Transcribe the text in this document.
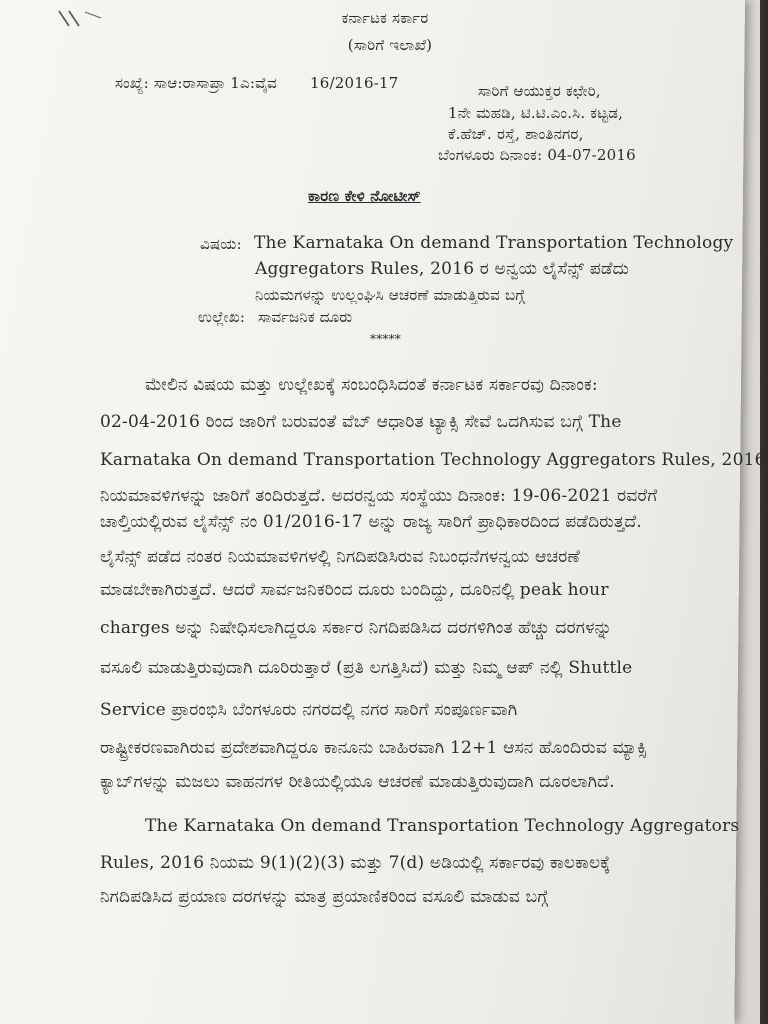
ಕರ್ನಾಟಕ ಸರ್ಕಾರ
(ಸಾರಿಗೆ ಇಲಾಖೆ)
ಸಂಖ್ಯೆ: ಸಾಆ:ರಾಸಾಪ್ರಾ 1ಎ:ವೈವ 16/2016-17	ಸಾರಿಗೆ ಆಯುಕ್ತರ ಕಛೇರಿ,
1ನೇ ಮಹಡಿ, ಟಿ.ಟಿ.ಎಂ.ಸಿ. ಕಟ್ಟಡ,
ಕೆ.ಹೆಚ್. ರಸ್ತೆ, ಶಾಂತಿನಗರ,
ಬೆಂಗಳೂರು ದಿನಾಂಕ: 04-07-2016
ಕಾರಣ ಕೇಳಿ ನೋಟೀಸ್
ವಿಷಯ: The Karnataka On demand Transportation Technology
Aggregators Rules, 2016 ರ ಅನ್ವಯ ಲೈಸೆನ್ಸ್ ಪಡೆದು
ನಿಯಮಗಳನ್ನು ಉಲ್ಲಂಘಿಸಿ ಆಚರಣೆ ಮಾಡುತ್ತಿರುವ ಬಗ್ಗೆ
ಉಲ್ಲೇಖ: ಸಾರ್ವಜನಿಕ ದೂರು
*****
ಮೇಲಿನ ವಿಷಯ ಮತ್ತು ಉಲ್ಲೇಖಕ್ಕೆ ಸಂಬಂಧಿಸಿದಂತೆ ಕರ್ನಾಟಕ ಸರ್ಕಾರವು ದಿನಾಂಕ:
02-04-2016 ರಿಂದ ಜಾರಿಗೆ ಬರುವಂತೆ ವೆಬ್ ಆಧಾರಿತ ಟ್ಯಾಕ್ಸಿ ಸೇವೆ ಒದಗಿಸುವ ಬಗ್ಗೆ The
Karnataka On demand Transportation Technology Aggregators Rules, 2016
ನಿಯಮಾವಳಿಗಳನ್ನು ಜಾರಿಗೆ ತಂದಿರುತ್ತದೆ. ಅದರನ್ವಯ ಸಂಸ್ಥೆಯು ದಿನಾಂಕ: 19-06-2021 ರವರೆಗೆ
ಚಾಲ್ತಿಯಲ್ಲಿರುವ ಲೈಸೆನ್ಸ್ ನಂ 01/2016-17 ಅನ್ನು ರಾಜ್ಯ ಸಾರಿಗೆ ಪ್ರಾಧಿಕಾರದಿಂದ ಪಡೆದಿರುತ್ತದೆ.
ಲೈಸೆನ್ಸ್ ಪಡೆದ ನಂತರ ನಿಯಮಾವಳಿಗಳಲ್ಲಿ ನಿಗದಿಪಡಿಸಿರುವ ನಿಬಂಧನೆಗಳನ್ವಯ ಆಚರಣೆ
ಮಾಡಬೇಕಾಗಿರುತ್ತದೆ. ಆದರೆ ಸಾರ್ವಜನಿಕರಿಂದ ದೂರು ಬಂದಿದ್ದು, ದೂರಿನಲ್ಲಿ peak hour
charges ಅನ್ನು ನಿಷೇಧಿಸಲಾಗಿದ್ದರೂ ಸರ್ಕಾರ ನಿಗದಿಪಡಿಸಿದ ದರಗಳಿಗಿಂತ ಹೆಚ್ಚು ದರಗಳನ್ನು
ವಸೂಲಿ ಮಾಡುತ್ತಿರುವುದಾಗಿ ದೂರಿರುತ್ತಾರೆ (ಪ್ರತಿ ಲಗತ್ತಿಸಿದೆ) ಮತ್ತು ನಿಮ್ಮ ಆಪ್ ನಲ್ಲಿ Shuttle
Service ಪ್ರಾರಂಭಿಸಿ ಬೆಂಗಳೂರು ನಗರದಲ್ಲಿ ನಗರ ಸಾರಿಗೆ ಸಂಪೂರ್ಣವಾಗಿ
ರಾಷ್ಟ್ರೀಕರಣವಾಗಿರುವ ಪ್ರದೇಶವಾಗಿದ್ದರೂ ಕಾನೂನು ಬಾಹಿರವಾಗಿ 12+1 ಆಸನ ಹೊಂದಿರುವ ಮ್ಯಾಕ್ಸಿ
ಕ್ಯಾಬ್‌ಗಳನ್ನು ಮಜಲು ವಾಹನಗಳ ರೀತಿಯಲ್ಲಿಯೂ ಆಚರಣೆ ಮಾಡುತ್ತಿರುವುದಾಗಿ ದೂರಲಾಗಿದೆ.
The Karnataka On demand Transportation Technology Aggregators
Rules, 2016 ನಿಯಮ 9(1)(2)(3) ಮತ್ತು 7(d) ಅಡಿಯಲ್ಲಿ ಸರ್ಕಾರವು ಕಾಲಕಾಲಕ್ಕೆ
ನಿಗದಿಪಡಿಸಿದ ಪ್ರಯಾಣ ದರಗಳನ್ನು ಮಾತ್ರ ಪ್ರಯಾಣಿಕರಿಂದ ವಸೂಲಿ ಮಾಡುವ ಬಗ್ಗೆ
